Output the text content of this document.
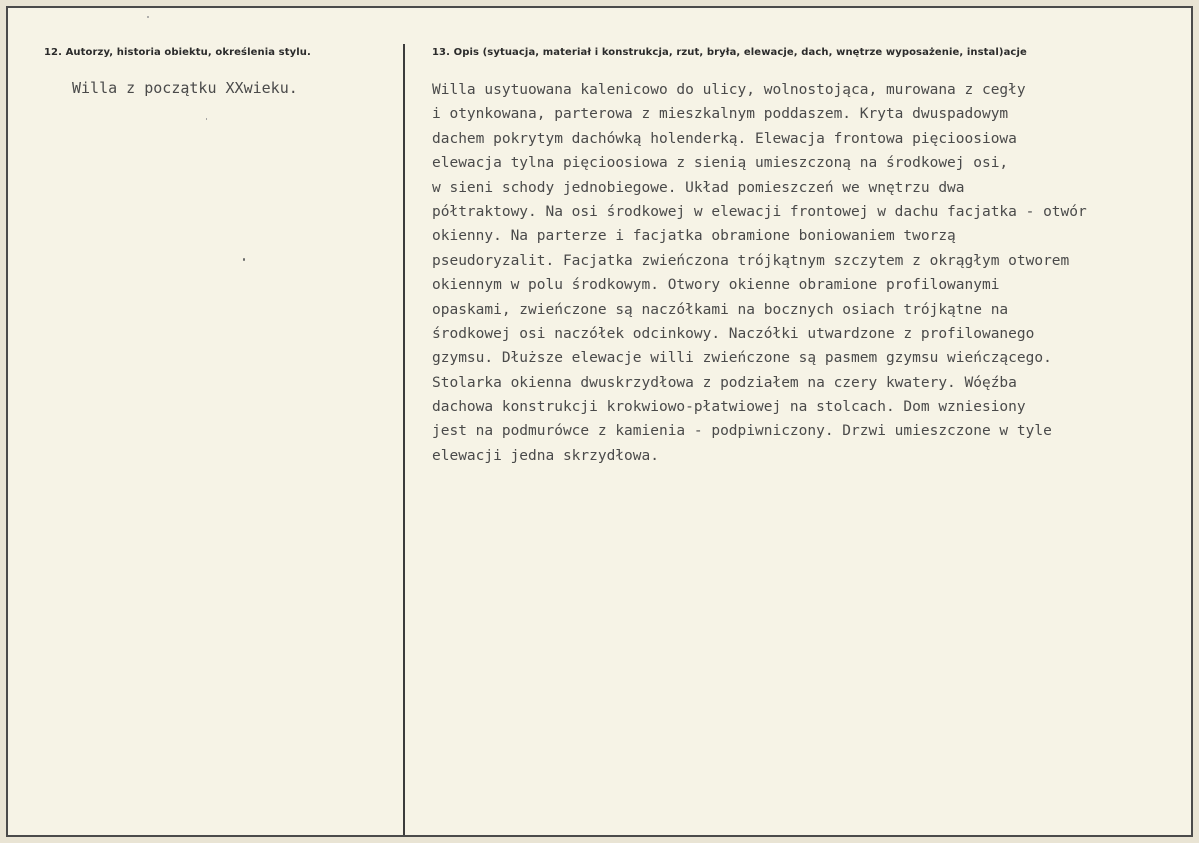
12. Autorzy, historia obiektu, określenia stylu.	13. Opis (sytuacja, materiał i konstrukcja, rzut, bryła, elewacje, dach, wnętrze wyposażenie, instal)acje
Willa z początku XXwieku.	Willa usytuowana kalenicowo do ulicy, wolnostojąca, murowana z cegły
i otynkowana, parterowa z mieszkalnym poddaszem. Kryta dwuspadowym
dachem pokrytym dachówką holenderką. Elewacja frontowa pięcioosiowa
elewacja tylna pięcioosiowa z sienią umieszczoną na środkowej osi,
w sieni schody jednobiegowe. Układ pomieszczeń we wnętrzu dwa
półtraktowy. Na osi środkowej w elewacji frontowej w dachu facjatka - otwór
okienny. Na parterze i facjatka obramione boniowaniem tworzą
pseudoryzalit. Facjatka zwieńczona trójkątnym szczytem z okrągłym otworem
okiennym w polu środkowym. Otwory okienne obramione profilowanymi
opaskami, zwieńczone są naczółkami na bocznych osiach trójkątne na
środkowej osi naczółek odcinkowy. Naczółki utwardzone z profilowanego
gzymsu. Dłuższe elewacje willi zwieńczone są pasmem gzymsu wieńczącego.
Stolarka okienna dwuskrzydłowa z podziałem na czery kwatery. Wóęźba
dachowa konstrukcji krokwiowo-płatwiowej na stolcach. Dom wzniesiony
jest na podmurówce z kamienia - podpiwniczony. Drzwi umieszczone w tyle
elewacji jedna skrzydłowa.
